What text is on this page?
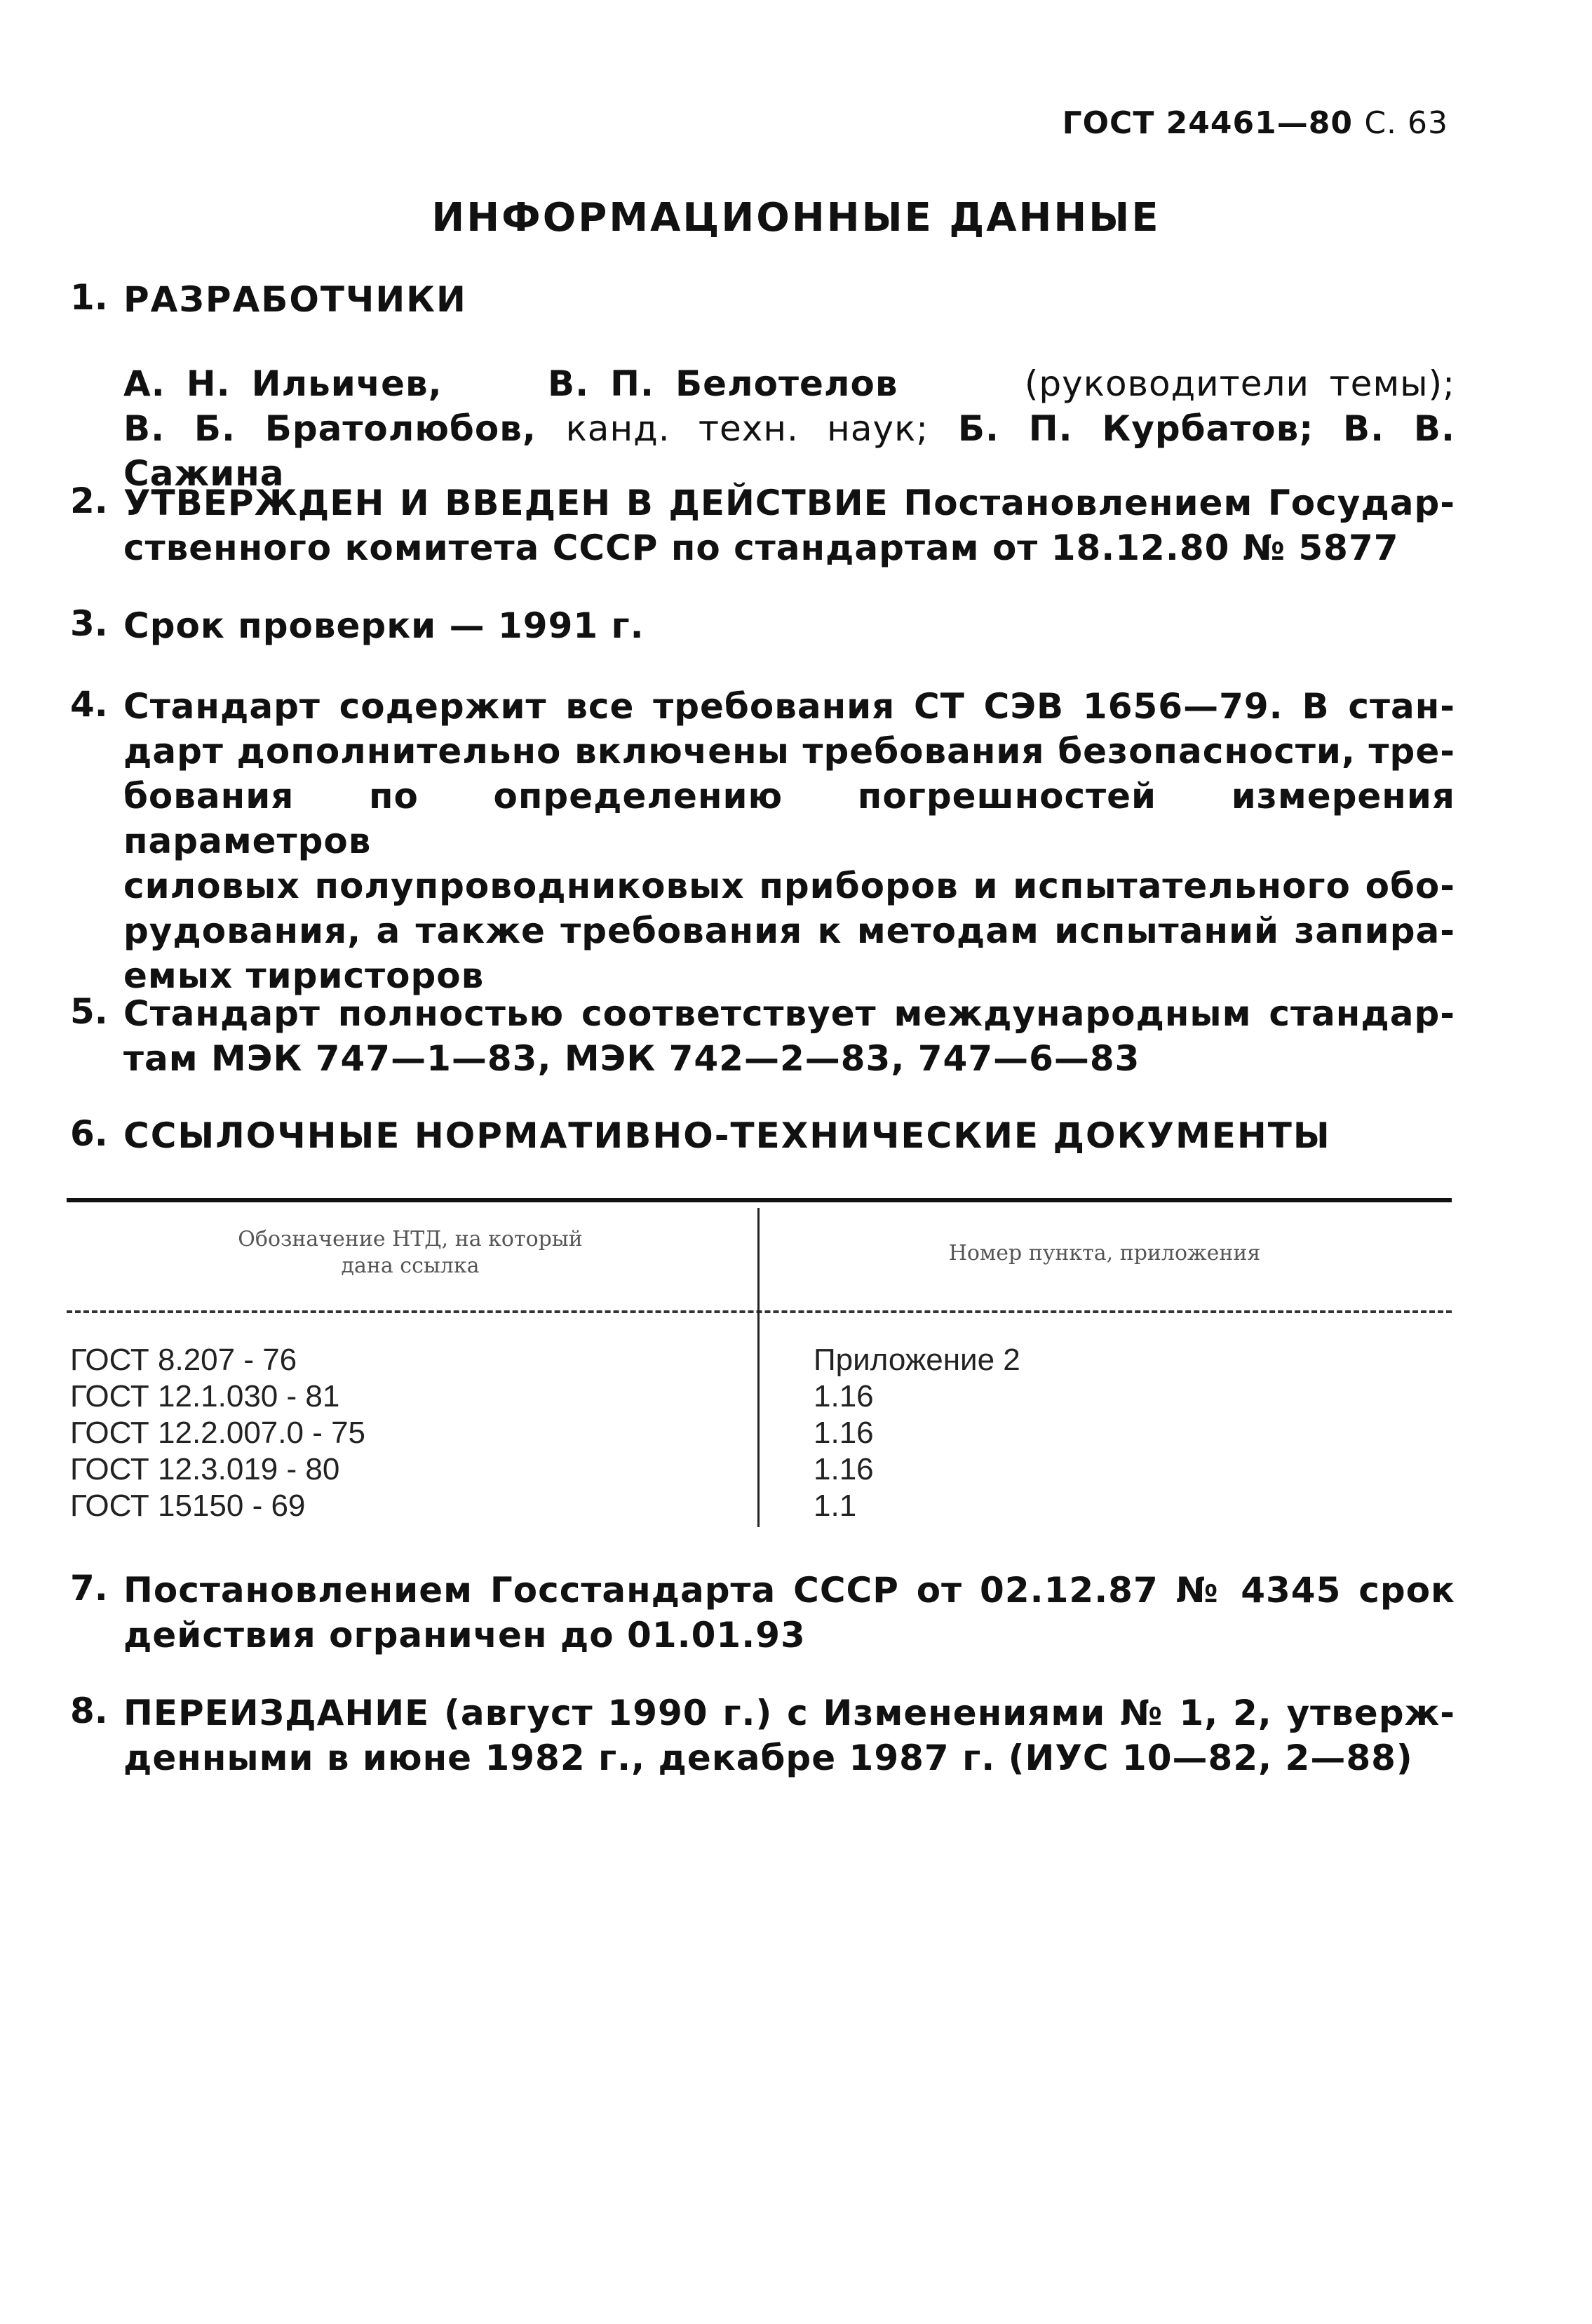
ГОСТ 24461—80 С. 63
ИНФОРМАЦИОННЫЕ ДАННЫЕ
1. РАЗРАБОТЧИКИ
А. Н. Ильичев,	В. П. Белотелов	(руководители темы);
В. Б. Братолюбов, канд. техн. наук; Б. П. Курбатов; В. В. Сажина
2. УТВЕРЖДЕН И ВВЕДЕН В ДЕЙСТВИЕ Постановлением Государ-
ственного комитета СССР по стандартам от 18.12.80 № 5877
3. Срок проверки — 1991 г.
4. Стандарт содержит все требования СТ СЭВ 1656—79. В стан-
дарт дополнительно включены требования безопасности, тре-
бования по определению погрешностей измерения параметров
силовых полупроводниковых приборов и испытательного обо-
рудования, а также требования к методам испытаний запира-
емых тиристоров
5. Стандарт полностью соответствует международным стандар-
там МЭК 747—1—83, МЭК 742—2—83, 747—6—83
6. ССЫЛОЧНЫЕ НОРМАТИВНО-ТЕХНИЧЕСКИЕ ДОКУМЕНТЫ
Обозначение НТД, на который
дана ссылка
Номер пункта, приложения
ГОСТ 8.207 - 76
ГОСТ 12.1.030 - 81
ГОСТ 12.2.007.0 - 75
ГОСТ 12.3.019 - 80
ГОСТ 15150 - 69
Приложение 2
1.16
1.16
1.16
1.1
7. Постановлением Госстандарта СССР от 02.12.87 № 4345 срок
действия ограничен до 01.01.93
8. ПЕРЕИЗДАНИЕ (август 1990 г.) с Изменениями № 1, 2, утверж-
денными в июне 1982 г., декабре 1987 г. (ИУС 10—82, 2—88)
